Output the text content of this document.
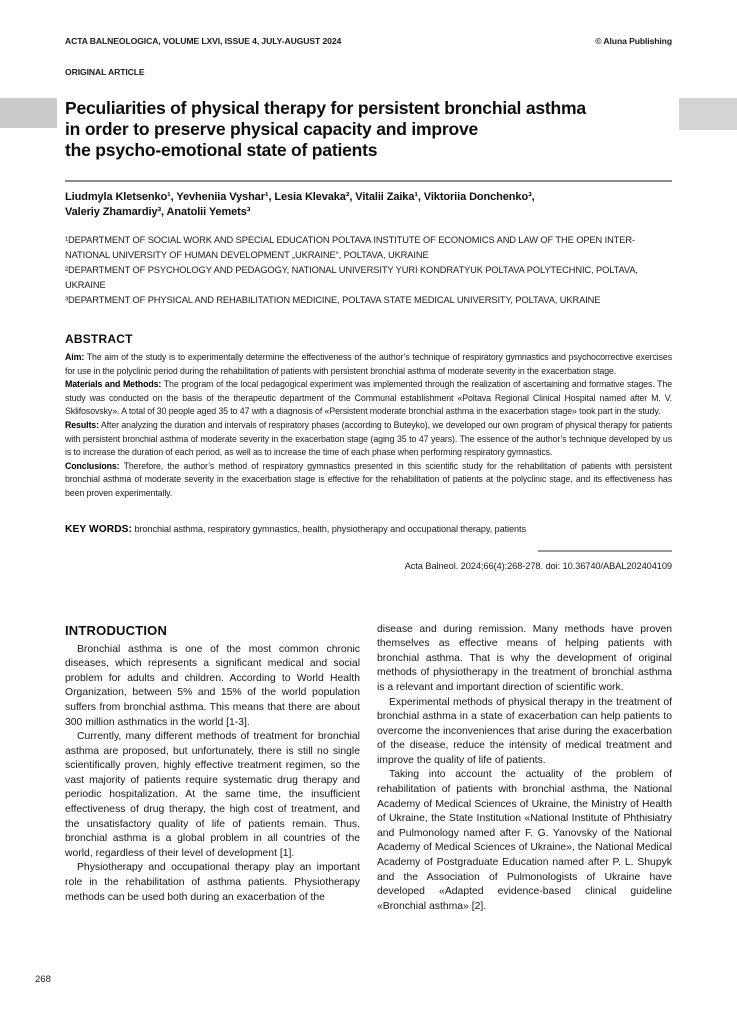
ACTA BALNEOLOGICA, VOLUME LXVI, ISSUE 4, JULY-AUGUST 2024	© Aluna Publishing
ORIGINAL ARTICLE
Peculiarities of physical therapy for persistent bronchial asthma
in order to preserve physical capacity and improve
the psycho-emotional state of patients
Liudmyla Kletsenko¹, Yevheniia Vyshar¹, Lesia Klevaka², Vitalii Zaika¹, Viktoriia Donchenko³,
Valeriy Zhamardiy³, Anatolii Yemets³

¹DEPARTMENT OF SOCIAL WORK AND SPECIAL EDUCATION POLTAVA INSTITUTE OF ECONOMICS AND LAW OF THE OPEN INTER-NATIONAL UNIVERSITY OF HUMAN DEVELOPMENT „UKRAINE“, POLTAVA, UKRAINE

²DEPARTMENT OF PSYCHOLOGY AND PEDAGOGY, NATIONAL UNIVERSITY YURI KONDRATYUK POLTAVA POLYTECHNIC, POLTAVA, UKRAINE

³DEPARTMENT OF PHYSICAL AND REHABILITATION MEDICINE, POLTAVA STATE MEDICAL UNIVERSITY, POLTAVA, UKRAINE

ABSTRACT

Aim: The aim of the study is to experimentally determine the effectiveness of the author’s technique of respiratory gymnastics and psychocorrective exercises for use in the polyclinic period during the rehabilitation of patients with persistent bronchial asthma of moderate severity in the exacerbation stage.

Materials and Methods: The program of the local pedagogical experiment was implemented through the realization of ascertaining and formative stages. The study was conducted on the basis of the therapeutic department of the Communal establishment «Poltava Regional Clinical Hospital named after M. V. Sklifosovsky». A total of 30 people aged 35 to 47 with a diagnosis of «Persistent moderate bronchial asthma in the exacerbation stage» took part in the study.

Results: After analyzing the duration and intervals of respiratory phases (according to Buteyko), we developed our own program of physical therapy for patients with persistent bronchial asthma of moderate severity in the exacerbation stage (aging 35 to 47 years). The essence of the author’s technique developed by us is to increase the duration of each period, as well as to increase the time of each phase when performing respiratory gymnastics.

Conclusions: Therefore, the author’s method of respiratory gymnastics presented in this scientific study for the rehabilitation of patients with persistent bronchial asthma of moderate severity in the exacerbation stage is effective for the rehabilitation of patients at the polyclinic stage, and its effectiveness has been proven experimentally.

KEY WORDS: bronchial asthma, respiratory gymnastics, health, physiotherapy and occupational therapy, patients
Acta Balneol. 2024;66(4):268-278. doi: 10.36740/ABAL202404109
INTRODUCTION

Bronchial asthma is one of the most common chronic diseases, which represents a significant medical and social problem for adults and children. According to World Health Organization, between 5% and 15% of the world population suffers from bronchial asthma. This means that there are about 300 million asthmatics in the world [1-3].

Currently, many different methods of treatment for bronchial asthma are proposed, but unfortunately, there is still no single scientifically proven, highly effective treatment regimen, so the vast majority of patients require systematic drug therapy and periodic hospitalization. At the same time, the insufficient effectiveness of drug therapy, the high cost of treatment, and the unsatisfactory quality of life of patients remain. Thus, bronchial asthma is a global problem in all countries of the world, regardless of their level of development [1].

Physiotherapy and occupational therapy play an important role in the rehabilitation of asthma patients. Physiotherapy methods can be used both during an exacerbation of the

disease and during remission. Many methods have proven themselves as effective means of helping patients with bronchial asthma. That is why the development of original methods of physiotherapy in the treatment of bronchial asthma is a relevant and important direction of scientific work.

Experimental methods of physical therapy in the treatment of bronchial asthma in a state of exacerbation can help patients to overcome the inconveniences that arise during the exacerbation of the disease, reduce the intensity of medical treatment and improve the quality of life of patients.

Taking into account the actuality of the problem of rehabilitation of patients with bronchial asthma, the National Academy of Medical Sciences of Ukraine, the Ministry of Health of Ukraine, the State Institution «National Institute of Phthisiatry and Pulmonology named after F. G. Yanovsky of the National Academy of Medical Sciences of Ukraine», the National Medical Academy of Postgraduate Education named after P. L. Shupyk and the Association of Pulmonologists of Ukraine have developed «Adapted evidence-based clinical guideline «Bronchial asthma» [2].

268
